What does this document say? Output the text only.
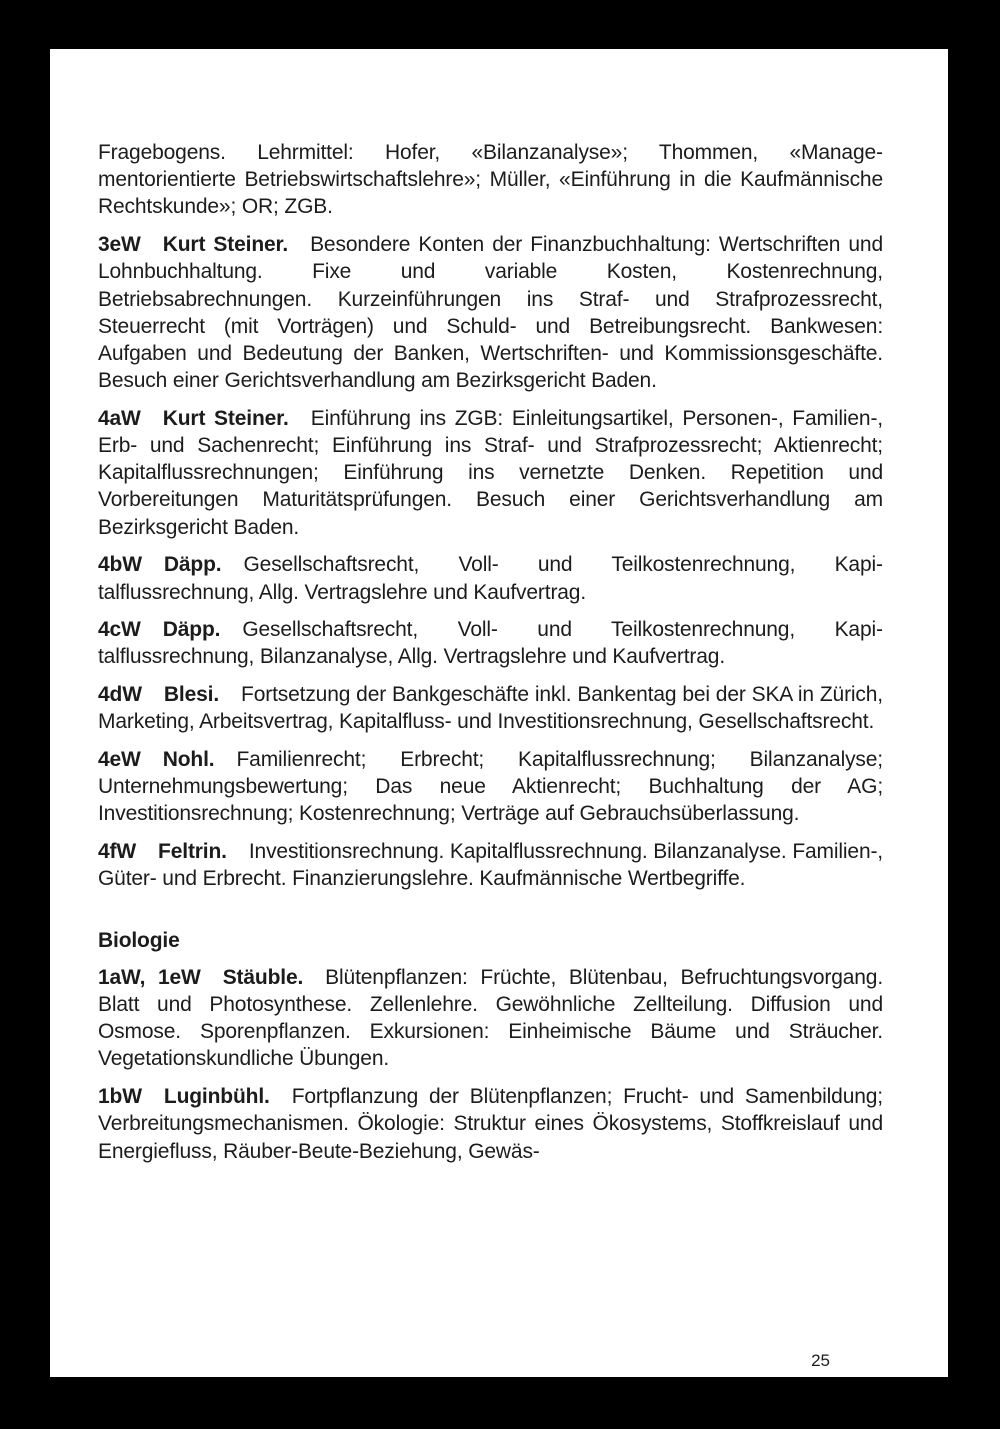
Fragebogens. Lehrmittel: Hofer, «Bilanzanalyse»; Thommen, «Managementorientierte Betriebswirtschaftslehre»; Müller, «Einführung in die Kaufmännische Rechtskunde»; OR; ZGB.

3eW Kurt Steiner. Besondere Konten der Finanzbuchhaltung: Wertschriften und Lohnbuchhaltung. Fixe und variable Kosten, Kostenrechnung, Betriebsabrechnungen. Kurzeinführungen ins Straf- und Strafprozessrecht, Steuerrecht (mit Vorträgen) und Schuld- und Betreibungsrecht. Bankwesen: Aufgaben und Bedeutung der Banken, Wertschriften- und Kommissionsgeschäfte. Besuch einer Gerichtsverhandlung am Bezirksgericht Baden.

4aW Kurt Steiner. Einführung ins ZGB: Einleitungsartikel, Personen-, Familien-, Erb- und Sachenrecht; Einführung ins Straf- und Strafprozessrecht; Aktienrecht; Kapitalflussrechnungen; Einführung ins vernetzte Denken. Repetition und Vorbereitungen Maturitätsprüfungen. Besuch einer Gerichtsverhandlung am Bezirksgericht Baden.

4bW Däpp. Gesellschaftsrecht, Voll- und Teilkostenrechnung, Kapitalflussrechnung, Allg. Vertragslehre und Kaufvertrag.

4cW Däpp. Gesellschaftsrecht, Voll- und Teilkostenrechnung, Kapitalflussrechnung, Bilanzanalyse, Allg. Vertragslehre und Kaufvertrag.

4dW Blesi. Fortsetzung der Bankgeschäfte inkl. Bankentag bei der SKA in Zürich, Marketing, Arbeitsvertrag, Kapitalfluss- und Investitionsrechnung, Gesellschaftsrecht.

4eW Nohl. Familienrecht; Erbrecht; Kapitalflussrechnung; Bilanzanalyse; Unternehmungsbewertung; Das neue Aktienrecht; Buchhaltung der AG; Investitionsrechnung; Kostenrechnung; Verträge auf Gebrauchsüberlassung.

4fW Feltrin. Investitionsrechnung. Kapitalflussrechnung. Bilanzanalyse. Familien-, Güter- und Erbrecht. Finanzierungslehre. Kaufmännische Wertbegriffe.

Biologie

1aW, 1eW Stäuble. Blütenpflanzen: Früchte, Blütenbau, Befruchtungsvorgang. Blatt und Photosynthese. Zellenlehre. Gewöhnliche Zellteilung. Diffusion und Osmose. Sporenpflanzen. Exkursionen: Einheimische Bäume und Sträucher. Vegetationskundliche Übungen.

1bW Luginbühl. Fortpflanzung der Blütenpflanzen; Frucht- und Samenbildung; Verbreitungsmechanismen. Ökologie: Struktur eines Ökosystems, Stoffkreislauf und Energiefluss, Räuber-Beute-Beziehung, Gewäs-

25
